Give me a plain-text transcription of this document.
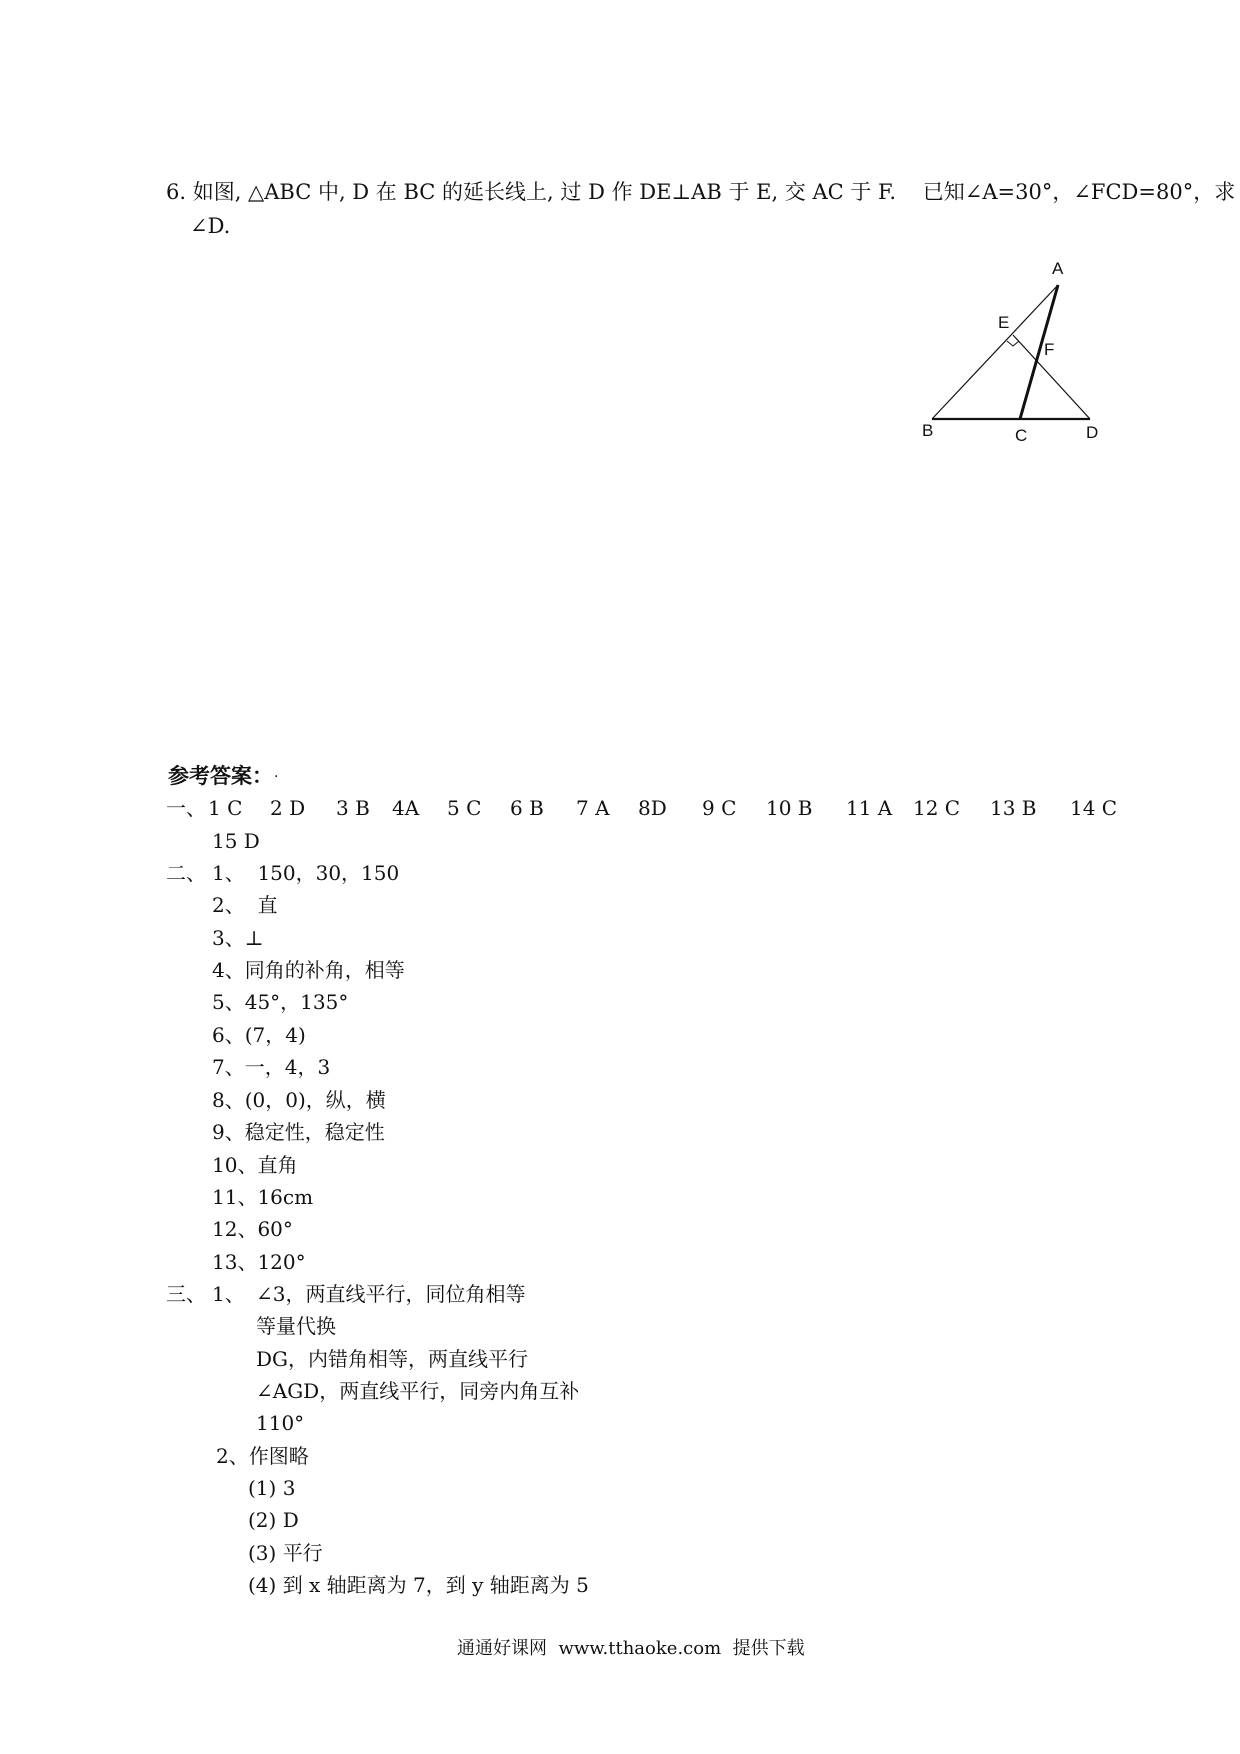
6. 如图, △ABC 中, D 在 BC 的延长线上, 过 D 作 DE⊥AB 于 E, 交 AC 于 F.    已知∠A=30°，∠FCD=80°，求
∠D.
A
E
F
B	C	D
参考答案： .
一、 1 C 2 D 3 B 4A 5 C 6 B 7 A 8D 9 C 10 B 11 A 12 C 13 B 14 C
15 D
二、 1、  150，30，150
2、  直
3、⊥
4、同角的补角，相等
5、45°，135°
6、(7，4)
7、一，4，3
8、(0，0)，纵，横
9、稳定性，稳定性
10、直角
11、16cm
12、60°
13、120°
三、 1、 ∠3，两直线平行，同位角相等
等量代换
DG，内错角相等，两直线平行
∠AGD，两直线平行，同旁内角互补
110°
2、作图略
(1) 3
(2) D
(3) 平行
(4) 到 x 轴距离为 7，到 y 轴距离为 5
通通好课网  www.tthaoke.com  提供下载
